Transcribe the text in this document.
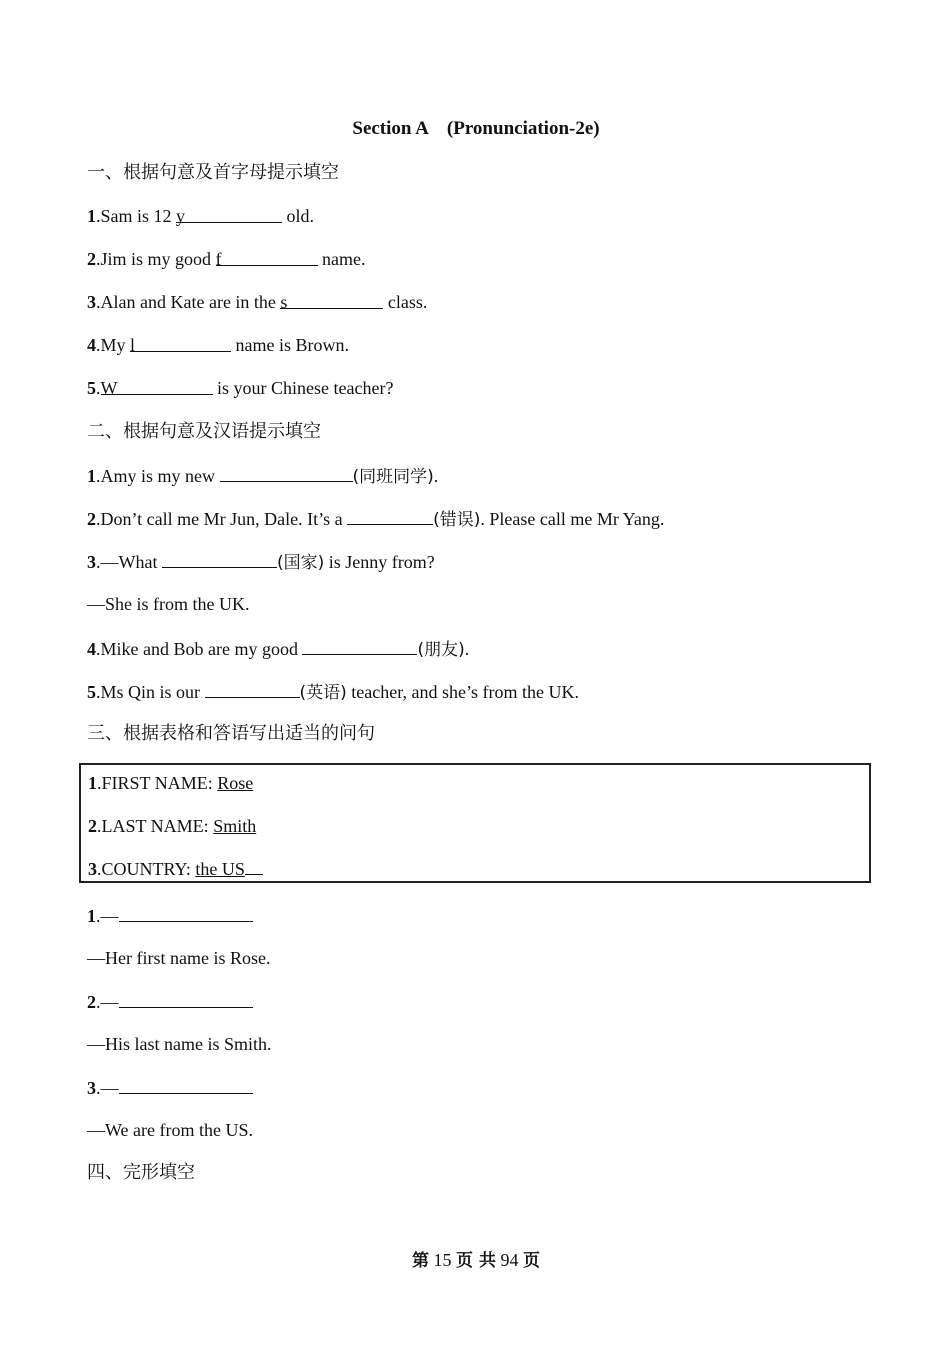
Section A (Pronunciation-2e)
一、根据句意及首字母提示填空
1.Sam is 12 y	old.
2.Jim is my good f	name.
3.Alan and Kate are in the s	class.
4.My l	name is Brown.
5.W	is your Chinese teacher?
二、根据句意及汉语提示填空
1.Amy is my new	(同班同学).
2.Don’t call me Mr Jun, Dale. It’s a	(错误). Please call me Mr Yang.
3.—What	(国家) is Jenny from?
—She is from the UK.
4.Mike and Bob are my good	(朋友).
5.Ms Qin is our	(英语) teacher, and she’s from the UK.
三、根据表格和答语写出适当的问句
1.FIRST NAME: Rose
2.LAST NAME: Smith
3.COUNTRY: the US
1.—
—Her first name is Rose.
2.—
—His last name is Smith.
3.—
—We are from the US.
四、完形填空
第 15 页 共 94 页
